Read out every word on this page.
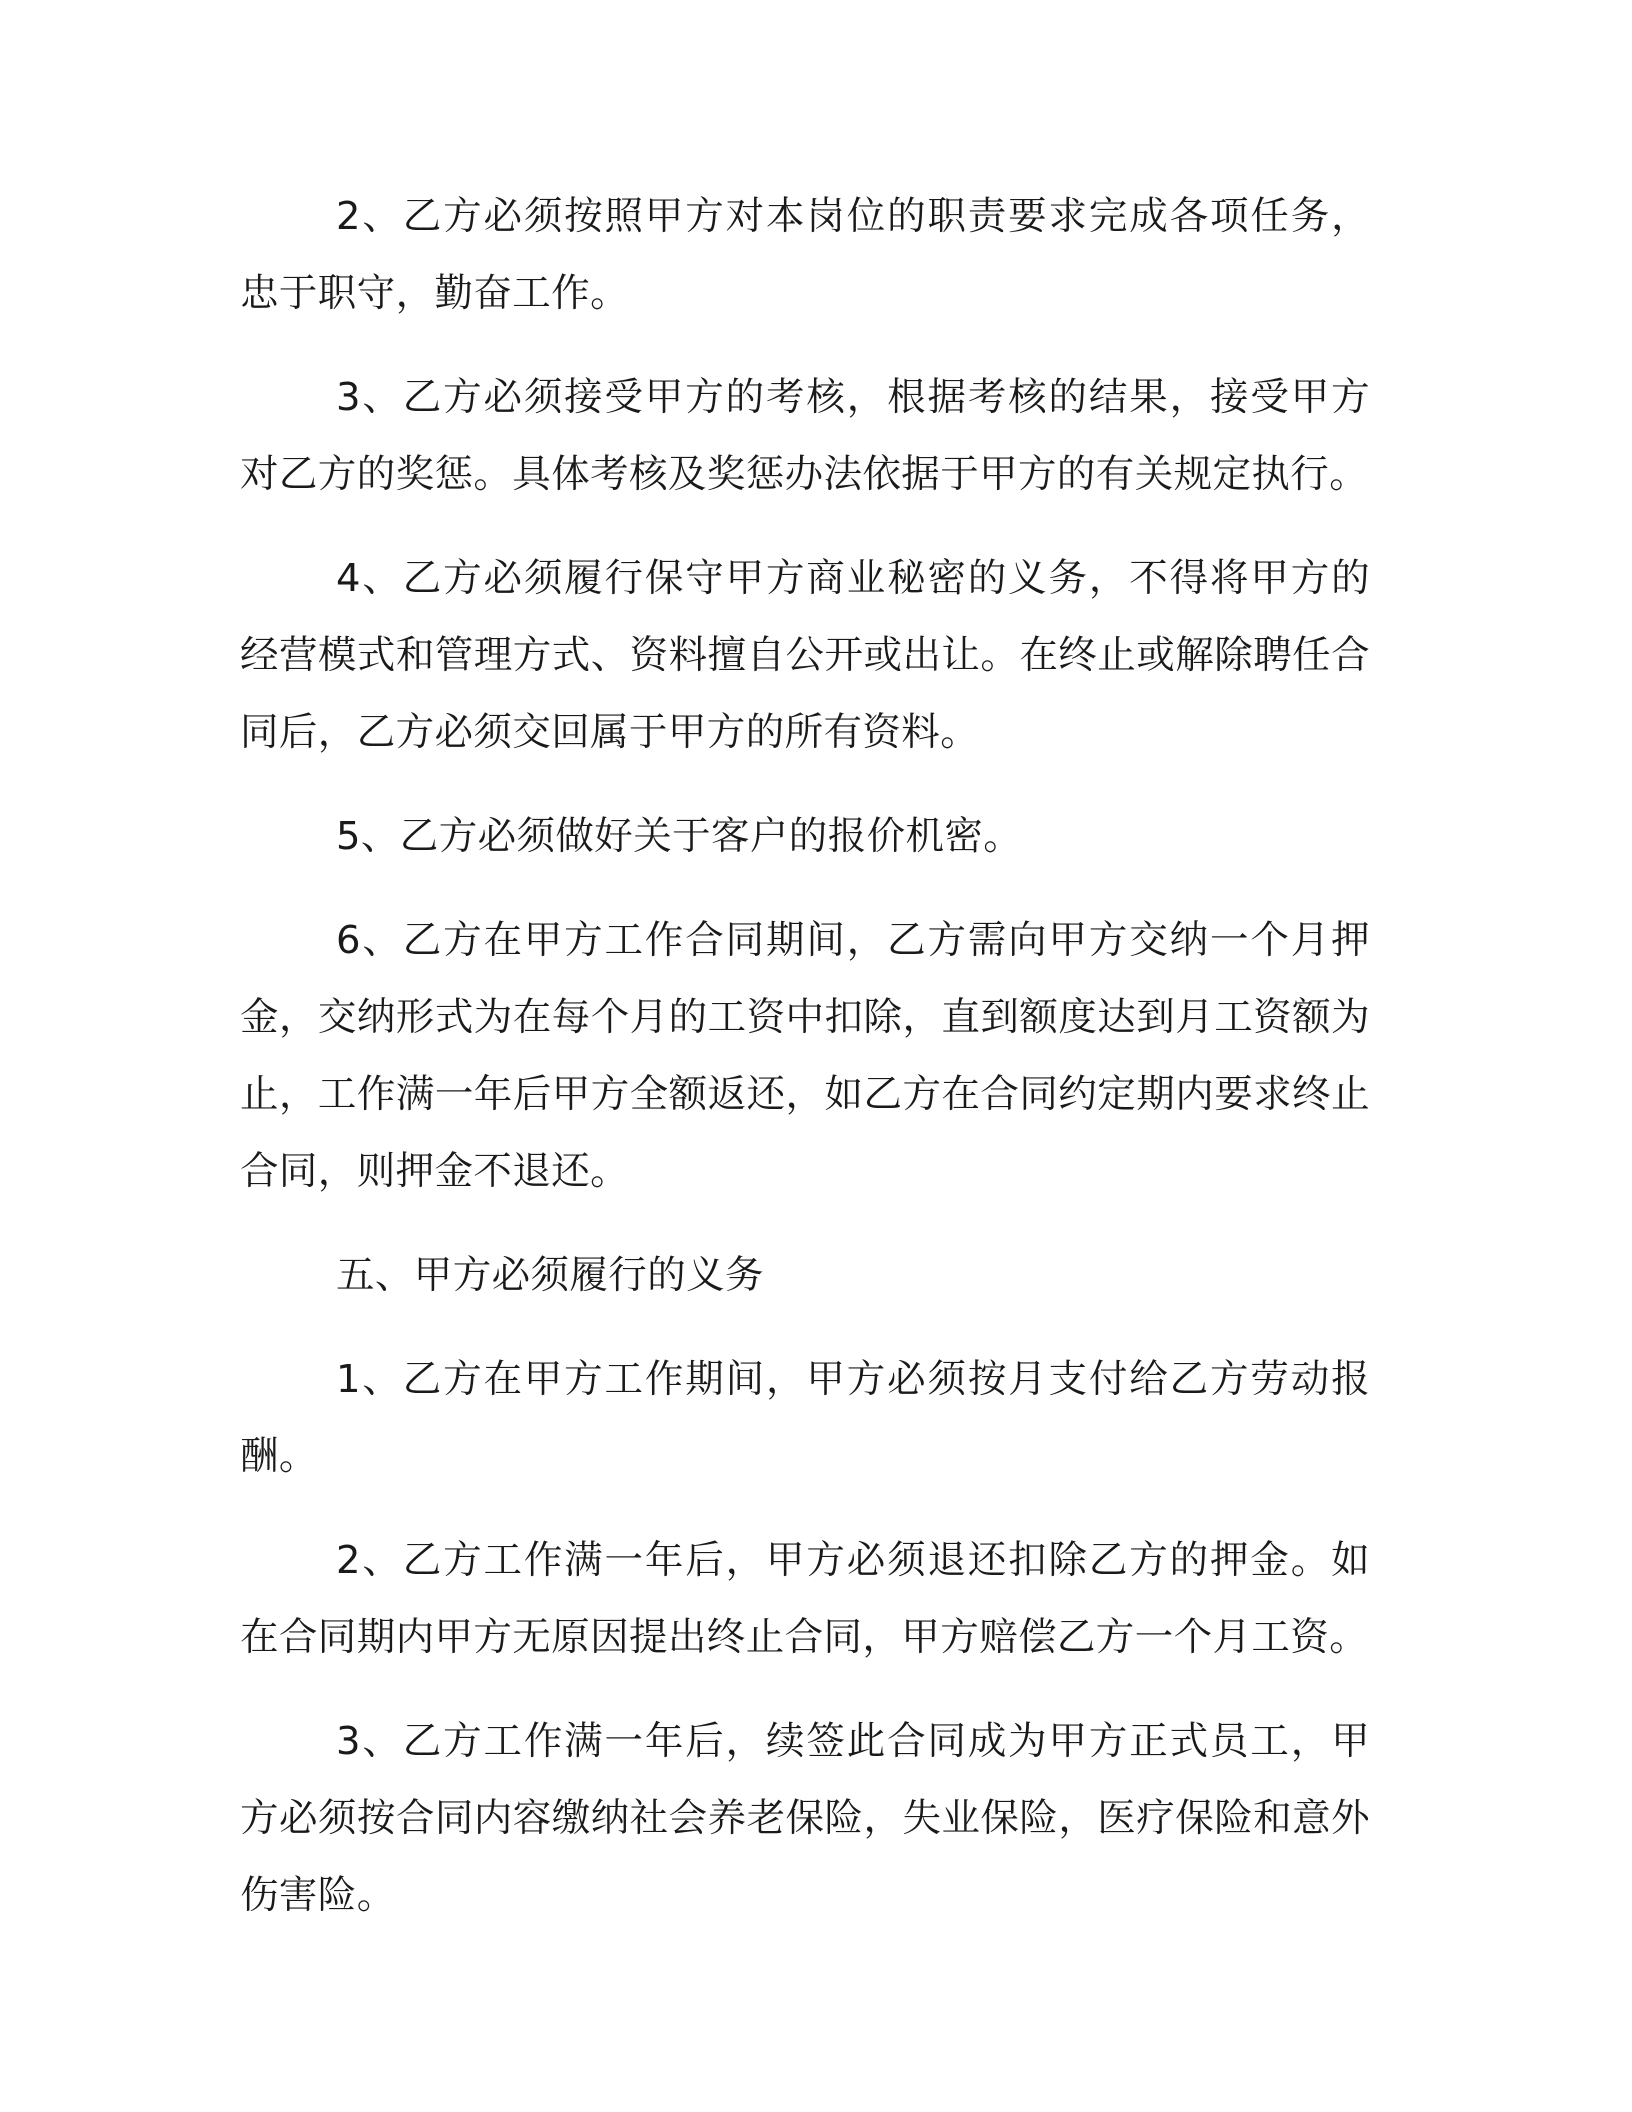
2、乙方必须按照甲方对本岗位的职责要求完成各项任务，忠于职守，勤奋工作。

3、乙方必须接受甲方的考核，根据考核的结果，接受甲方对乙方的奖惩。具体考核及奖惩办法依据于甲方的有关规定执行。

4、乙方必须履行保守甲方商业秘密的义务，不得将甲方的经营模式和管理方式、资料擅自公开或出让。在终止或解除聘任合同后，乙方必须交回属于甲方的所有资料。

5、乙方必须做好关于客户的报价机密。

6、乙方在甲方工作合同期间，乙方需向甲方交纳一个月押金，交纳形式为在每个月的工资中扣除，直到额度达到月工资额为止，工作满一年后甲方全额返还，如乙方在合同约定期内要求终止合同，则押金不退还。

五、甲方必须履行的义务

1、乙方在甲方工作期间，甲方必须按月支付给乙方劳动报酬。

2、乙方工作满一年后，甲方必须退还扣除乙方的押金。如在合同期内甲方无原因提出终止合同，甲方赔偿乙方一个月工资。

3、乙方工作满一年后，续签此合同成为甲方正式员工，甲方必须按合同内容缴纳社会养老保险，失业保险，医疗保险和意外伤害险。
